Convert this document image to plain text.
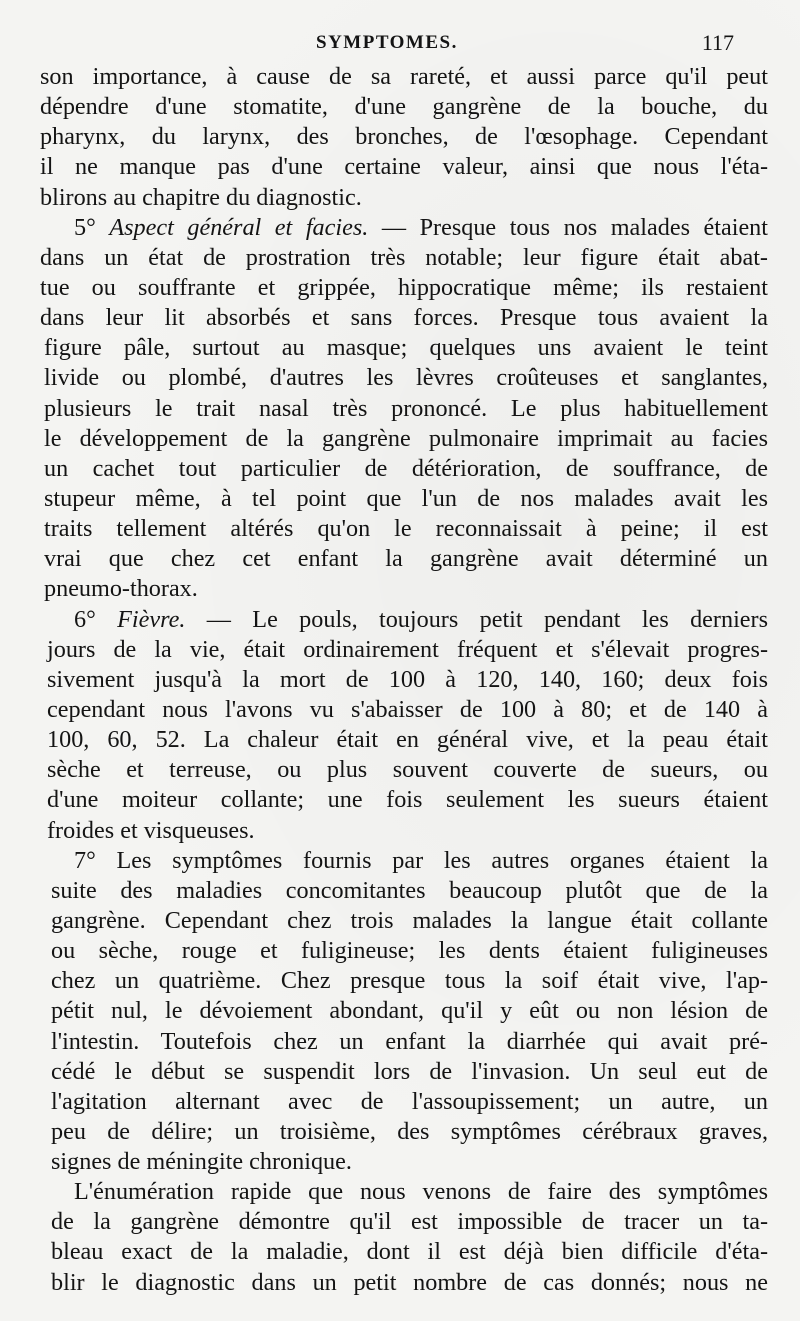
SYMPTOMES.	117
son importance, à cause de sa rareté, et aussi parce qu'il peut
dépendre d'une stomatite, d'une gangrène de la bouche, du
pharynx, du larynx, des bronches, de l'œsophage. Cependant
il ne manque pas d'une certaine valeur, ainsi que nous l'éta-
blirons au chapitre du diagnostic.
5° Aspect général et facies. — Presque tous nos malades étaient
dans un état de prostration très notable; leur figure était abat-
tue ou souffrante et grippée, hippocratique même; ils restaient
dans leur lit absorbés et sans forces. Presque tous avaient la
figure pâle, surtout au masque; quelques uns avaient le teint
livide ou plombé, d'autres les lèvres croûteuses et sanglantes,
plusieurs le trait nasal très prononcé. Le plus habituellement
le développement de la gangrène pulmonaire imprimait au facies
un cachet tout particulier de détérioration, de souffrance, de
stupeur même, à tel point que l'un de nos malades avait les
traits tellement altérés qu'on le reconnaissait à peine; il est
vrai que chez cet enfant la gangrène avait déterminé un
pneumo-thorax.
6° Fièvre. — Le pouls, toujours petit pendant les derniers
jours de la vie, était ordinairement fréquent et s'élevait progres-
sivement jusqu'à la mort de 100 à 120, 140, 160; deux fois
cependant nous l'avons vu s'abaisser de 100 à 80; et de 140 à
100, 60, 52. La chaleur était en général vive, et la peau était
sèche et terreuse, ou plus souvent couverte de sueurs, ou
d'une moiteur collante; une fois seulement les sueurs étaient
froides et visqueuses.
7° Les symptômes fournis par les autres organes étaient la
suite des maladies concomitantes beaucoup plutôt que de la
gangrène. Cependant chez trois malades la langue était collante
ou sèche, rouge et fuligineuse; les dents étaient fuligineuses
chez un quatrième. Chez presque tous la soif était vive, l'ap-
pétit nul, le dévoiement abondant, qu'il y eût ou non lésion de
l'intestin. Toutefois chez un enfant la diarrhée qui avait pré-
cédé le début se suspendit lors de l'invasion. Un seul eut de
l'agitation alternant avec de l'assoupissement; un autre, un
peu de délire; un troisième, des symptômes cérébraux graves,
signes de méningite chronique.
L'énumération rapide que nous venons de faire des symptômes
de la gangrène démontre qu'il est impossible de tracer un ta-
bleau exact de la maladie, dont il est déjà bien difficile d'éta-
blir le diagnostic dans un petit nombre de cas donnés; nous ne
